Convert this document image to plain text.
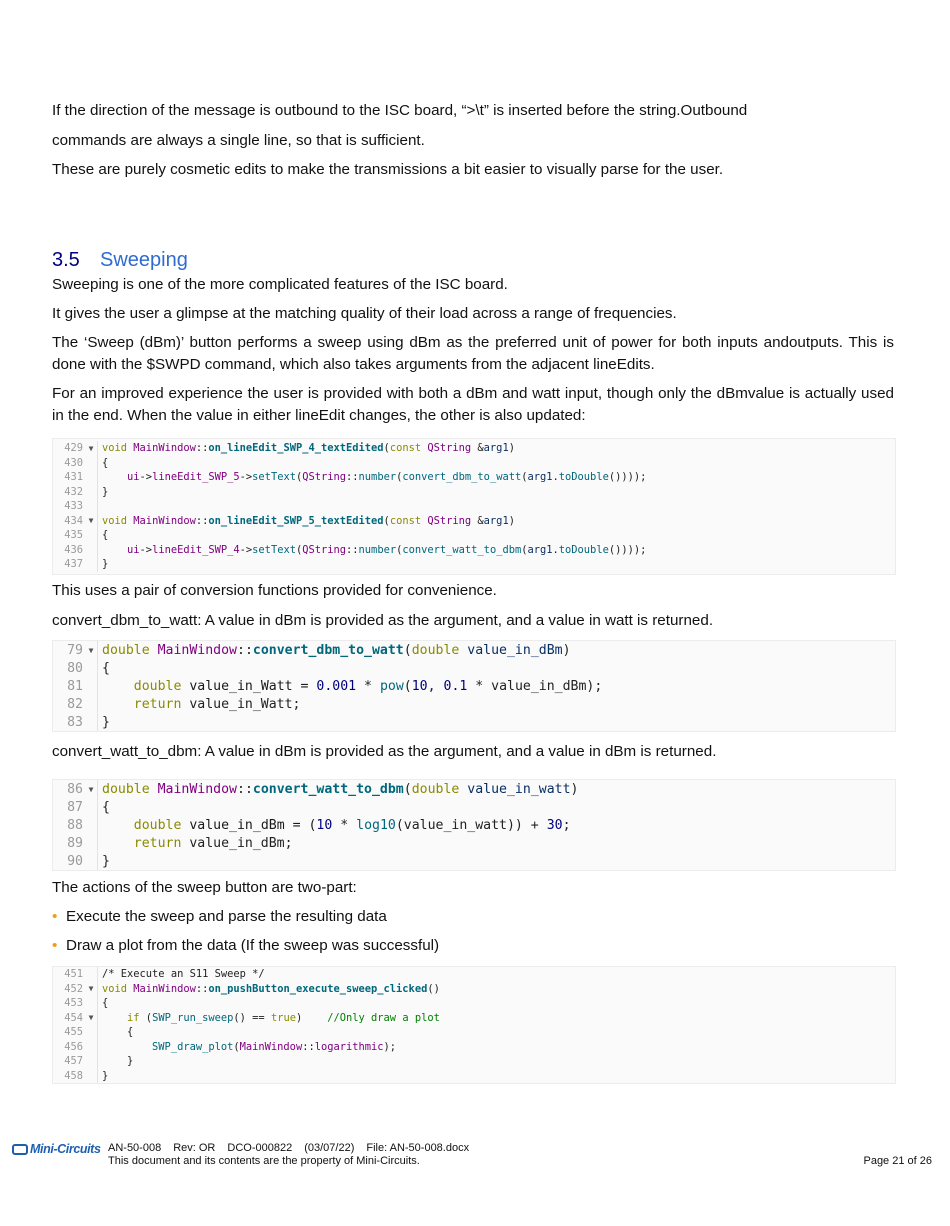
If the direction of the message is outbound to the ISC board, “>\t” is inserted before the string.Outbound

commands are always a single line, so that is sufficient.

These are purely cosmetic edits to make the transmissions a bit easier to visually parse for the user.

3.5 Sweeping

Sweeping is one of the more complicated features of the ISC board.

It gives the user a glimpse at the matching quality of their load across a range of frequencies.

The ‘Sweep (dBm)’ button performs a sweep using dBm as the preferred unit of power for both inputs andoutputs. This is done with the $SWPD command, which also takes arguments from the adjacent lineEdits.

For an improved experience the user is provided with both a dBm and watt input, though only the dBmvalue is actually used in the end. When the value in either lineEdit changes, the other is also updated:

429 ▼ void MainWindow::on_lineEdit_SWP_4_textEdited(const QString &arg1)
430 {
431	ui->lineEdit_SWP_5->setText(QString::number(convert_dbm_to_watt(arg1.toDouble())));
432 }
433
434 ▼ void MainWindow::on_lineEdit_SWP_5_textEdited(const QString &arg1)
435 {
436	ui->lineEdit_SWP_4->setText(QString::number(convert_watt_to_dbm(arg1.toDouble())));
437 }

This uses a pair of conversion functions provided for convenience.

convert_dbm_to_watt: A value in dBm is provided as the argument, and a value in watt is returned.

79 ▼ double MainWindow::convert_dbm_to_watt(double value_in_dBm)
80 {
81	double value_in_Watt = 0.001 * pow(10, 0.1 * value_in_dBm);
82	return value_in_Watt;
83 }

convert_watt_to_dbm: A value in dBm is provided as the argument, and a value in dBm is returned.

86 ▼ double MainWindow::convert_watt_to_dbm(double value_in_watt)
87 {
88	double value_in_dBm = (10 * log10(value_in_watt)) + 30;
89	return value_in_dBm;
90 }

The actions of the sweep button are two-part:

• Execute the sweep and parse the resulting data
• Draw a plot from the data (If the sweep was successful)
451 /* Execute an S11 Sweep */
452 ▼ void MainWindow::on_pushButton_execute_sweep_clicked()
453 {
454 ▼	if (SWP_run_sweep() == true)    //Only draw a plot
455 {
456	SWP_draw_plot(MainWindow::logarithmic);
457 }
458 }
Mini-Circuits AN-50-008 Rev: OR DCO-000822 (03/07/22) File: AN-50-008.docx
This document and its contents are the property of Mini-Circuits.	Page 21 of 26
